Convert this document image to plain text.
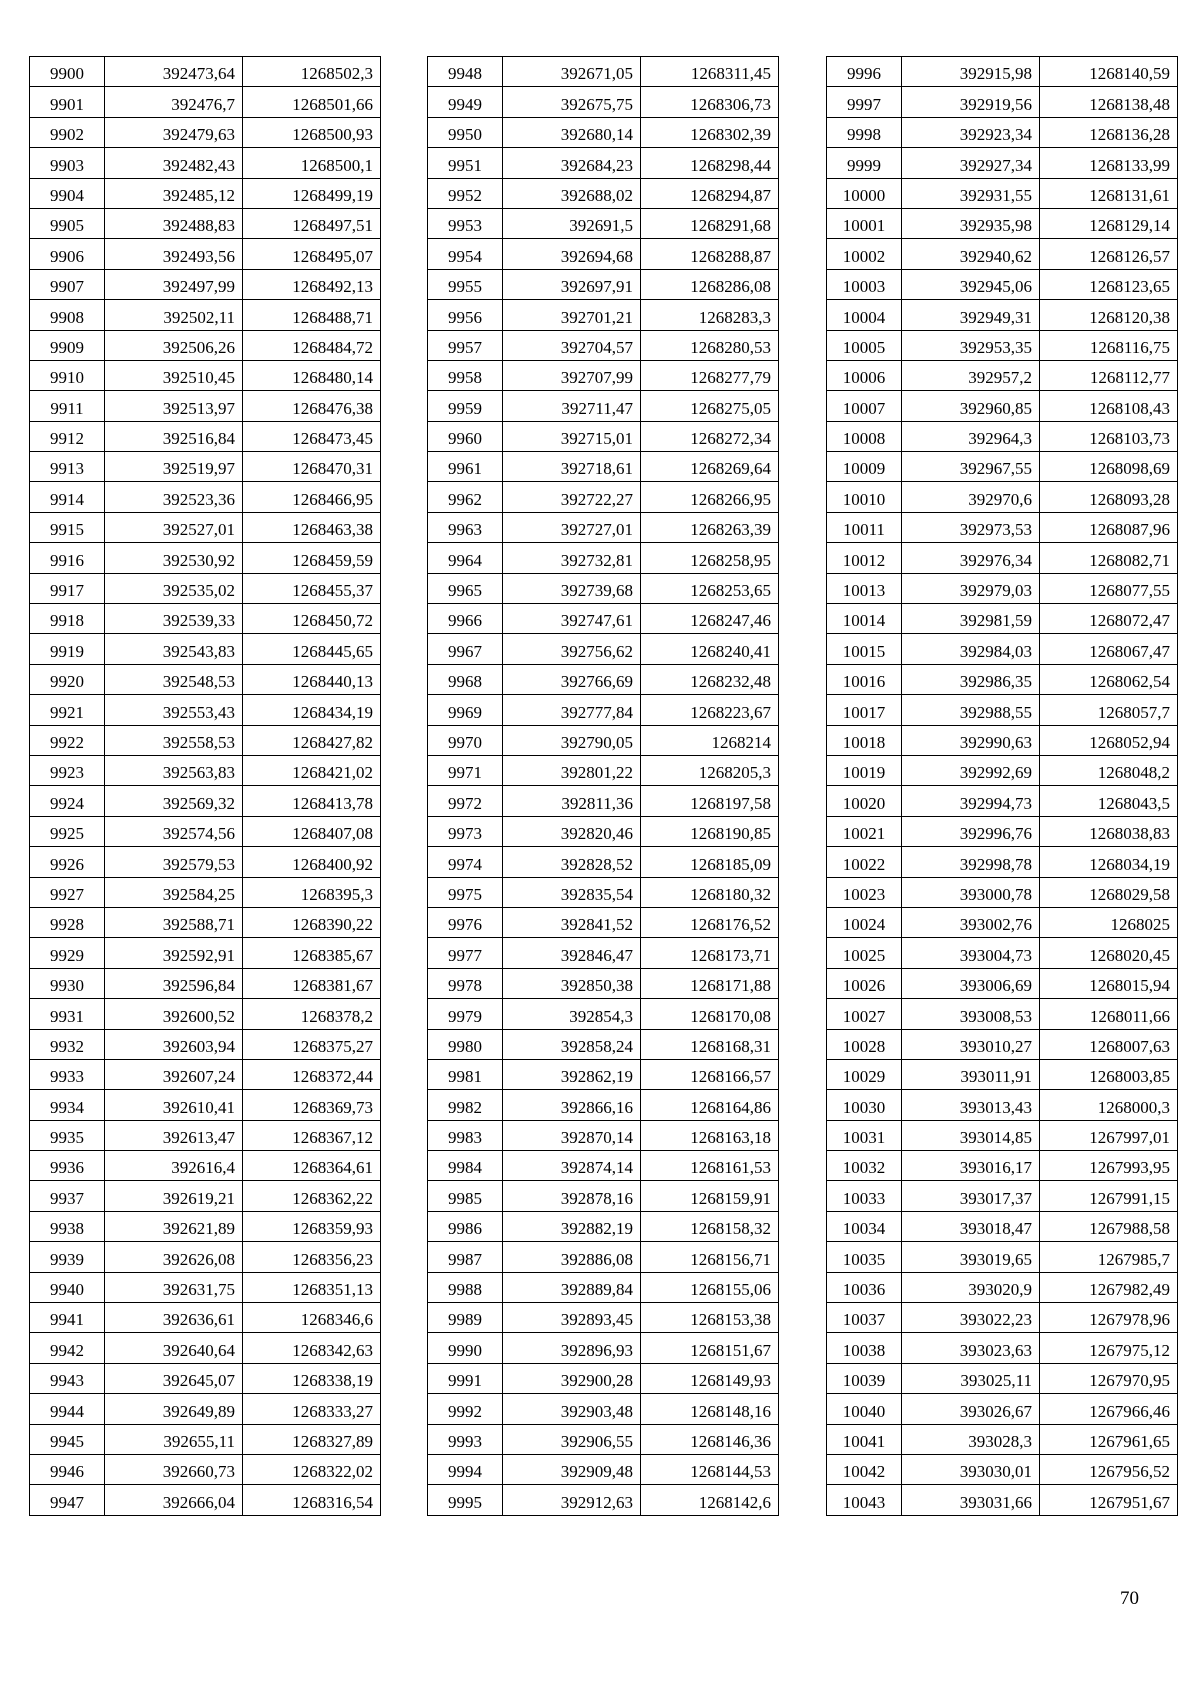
9900	392473,64	1268502,3
9901	392476,7	1268501,66
9902	392479,63	1268500,93
9903	392482,43	1268500,1
9904	392485,12	1268499,19
9905	392488,83	1268497,51
9906	392493,56	1268495,07
9907	392497,99	1268492,13
9908	392502,11	1268488,71
9909	392506,26	1268484,72
9910	392510,45	1268480,14
9911	392513,97	1268476,38
9912	392516,84	1268473,45
9913	392519,97	1268470,31
9914	392523,36	1268466,95
9915	392527,01	1268463,38
9916	392530,92	1268459,59
9917	392535,02	1268455,37
9918	392539,33	1268450,72
9919	392543,83	1268445,65
9920	392548,53	1268440,13
9921	392553,43	1268434,19
9922	392558,53	1268427,82
9923	392563,83	1268421,02
9924	392569,32	1268413,78
9925	392574,56	1268407,08
9926	392579,53	1268400,92
9927	392584,25	1268395,3
9928	392588,71	1268390,22
9929	392592,91	1268385,67
9930	392596,84	1268381,67
9931	392600,52	1268378,2
9932	392603,94	1268375,27
9933	392607,24	1268372,44
9934	392610,41	1268369,73
9935	392613,47	1268367,12
9936	392616,4	1268364,61
9937	392619,21	1268362,22
9938	392621,89	1268359,93
9939	392626,08	1268356,23
9940	392631,75	1268351,13
9941	392636,61	1268346,6
9942	392640,64	1268342,63
9943	392645,07	1268338,19
9944	392649,89	1268333,27
9945	392655,11	1268327,89
9946	392660,73	1268322,02
9947	392666,04	1268316,54
9948	392671,05	1268311,45
9949	392675,75	1268306,73
9950	392680,14	1268302,39
9951	392684,23	1268298,44
9952	392688,02	1268294,87
9953	392691,5	1268291,68
9954	392694,68	1268288,87
9955	392697,91	1268286,08
9956	392701,21	1268283,3
9957	392704,57	1268280,53
9958	392707,99	1268277,79
9959	392711,47	1268275,05
9960	392715,01	1268272,34
9961	392718,61	1268269,64
9962	392722,27	1268266,95
9963	392727,01	1268263,39
9964	392732,81	1268258,95
9965	392739,68	1268253,65
9966	392747,61	1268247,46
9967	392756,62	1268240,41
9968	392766,69	1268232,48
9969	392777,84	1268223,67
9970	392790,05	1268214
9971	392801,22	1268205,3
9972	392811,36	1268197,58
9973	392820,46	1268190,85
9974	392828,52	1268185,09
9975	392835,54	1268180,32
9976	392841,52	1268176,52
9977	392846,47	1268173,71
9978	392850,38	1268171,88
9979	392854,3	1268170,08
9980	392858,24	1268168,31
9981	392862,19	1268166,57
9982	392866,16	1268164,86
9983	392870,14	1268163,18
9984	392874,14	1268161,53
9985	392878,16	1268159,91
9986	392882,19	1268158,32
9987	392886,08	1268156,71
9988	392889,84	1268155,06
9989	392893,45	1268153,38
9990	392896,93	1268151,67
9991	392900,28	1268149,93
9992	392903,48	1268148,16
9993	392906,55	1268146,36
9994	392909,48	1268144,53
9995	392912,63	1268142,6
9996	392915,98	1268140,59
9997	392919,56	1268138,48
9998	392923,34	1268136,28
9999	392927,34	1268133,99
10000	392931,55	1268131,61
10001	392935,98	1268129,14
10002	392940,62	1268126,57
10003	392945,06	1268123,65
10004	392949,31	1268120,38
10005	392953,35	1268116,75
10006	392957,2	1268112,77
10007	392960,85	1268108,43
10008	392964,3	1268103,73
10009	392967,55	1268098,69
10010	392970,6	1268093,28
10011	392973,53	1268087,96
10012	392976,34	1268082,71
10013	392979,03	1268077,55
10014	392981,59	1268072,47
10015	392984,03	1268067,47
10016	392986,35	1268062,54
10017	392988,55	1268057,7
10018	392990,63	1268052,94
10019	392992,69	1268048,2
10020	392994,73	1268043,5
10021	392996,76	1268038,83
10022	392998,78	1268034,19
10023	393000,78	1268029,58
10024	393002,76	1268025
10025	393004,73	1268020,45
10026	393006,69	1268015,94
10027	393008,53	1268011,66
10028	393010,27	1268007,63
10029	393011,91	1268003,85
10030	393013,43	1268000,3
10031	393014,85	1267997,01
10032	393016,17	1267993,95
10033	393017,37	1267991,15
10034	393018,47	1267988,58
10035	393019,65	1267985,7
10036	393020,9	1267982,49
10037	393022,23	1267978,96
10038	393023,63	1267975,12
10039	393025,11	1267970,95
10040	393026,67	1267966,46
10041	393028,3	1267961,65
10042	393030,01	1267956,52
10043	393031,66	1267951,67
70
